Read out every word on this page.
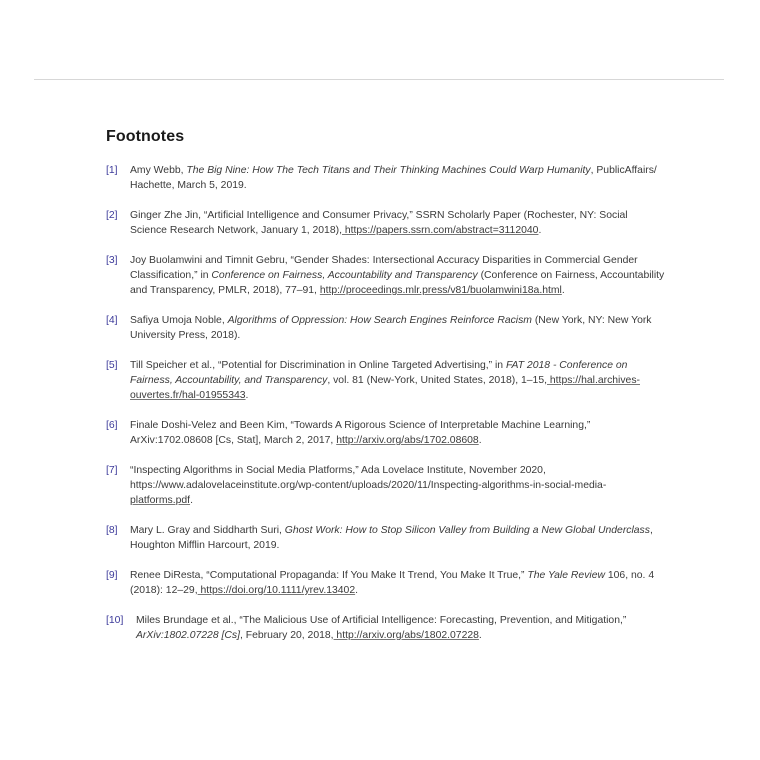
Footnotes
[1]	Amy Webb, The Big Nine: How The Tech Titans and Their Thinking Machines Could Warp Humanity, PublicAffairs/ Hachette, March 5, 2019.
[2]	Ginger Zhe Jin, “Artificial Intelligence and Consumer Privacy,” SSRN Scholarly Paper (Rochester, NY: Social Science Research Network, January 1, 2018), https://papers.ssrn.com/abstract=3112040.
[3]	Joy Buolamwini and Timnit Gebru, “Gender Shades: Intersectional Accuracy Disparities in Commercial Gender Classification,” in Conference on Fairness, Accountability and Transparency (Conference on Fairness, Accountability and Transparency, PMLR, 2018), 77–91, http://proceedings.mlr.press/v81/buolamwini18a.html.
[4]	Safiya Umoja Noble, Algorithms of Oppression: How Search Engines Reinforce Racism (New York, NY: New York University Press, 2018).
[5]	Till Speicher et al., “Potential for Discrimination in Online Targeted Advertising,” in FAT 2018 - Conference on Fairness, Accountability, and Transparency, vol. 81 (New-York, United States, 2018), 1–15, https://hal.archives-ouvertes.fr/hal-01955343.
[6]	Finale Doshi-Velez and Been Kim, “Towards A Rigorous Science of Interpretable Machine Learning,” ArXiv:1702.08608 [Cs, Stat], March 2, 2017, http://arxiv.org/abs/1702.08608.
[7]	“Inspecting Algorithms in Social Media Platforms,” Ada Lovelace Institute, November 2020, https://www.adalovelaceinstitute.org/wp-content/uploads/2020/11/Inspecting-algorithms-in-social-media-platforms.pdf.
[8]	Mary L. Gray and Siddharth Suri, Ghost Work: How to Stop Silicon Valley from Building a New Global Underclass, Houghton Mifflin Harcourt, 2019.
[9]	Renee DiResta, “Computational Propaganda: If You Make It Trend, You Make It True,” The Yale Review 106, no. 4 (2018): 12–29, https://doi.org/10.1111/yrev.13402.
[10]	Miles Brundage et al., “The Malicious Use of Artificial Intelligence: Forecasting, Prevention, and Mitigation,” ArXiv:1802.07228 [Cs], February 20, 2018, http://arxiv.org/abs/1802.07228.
